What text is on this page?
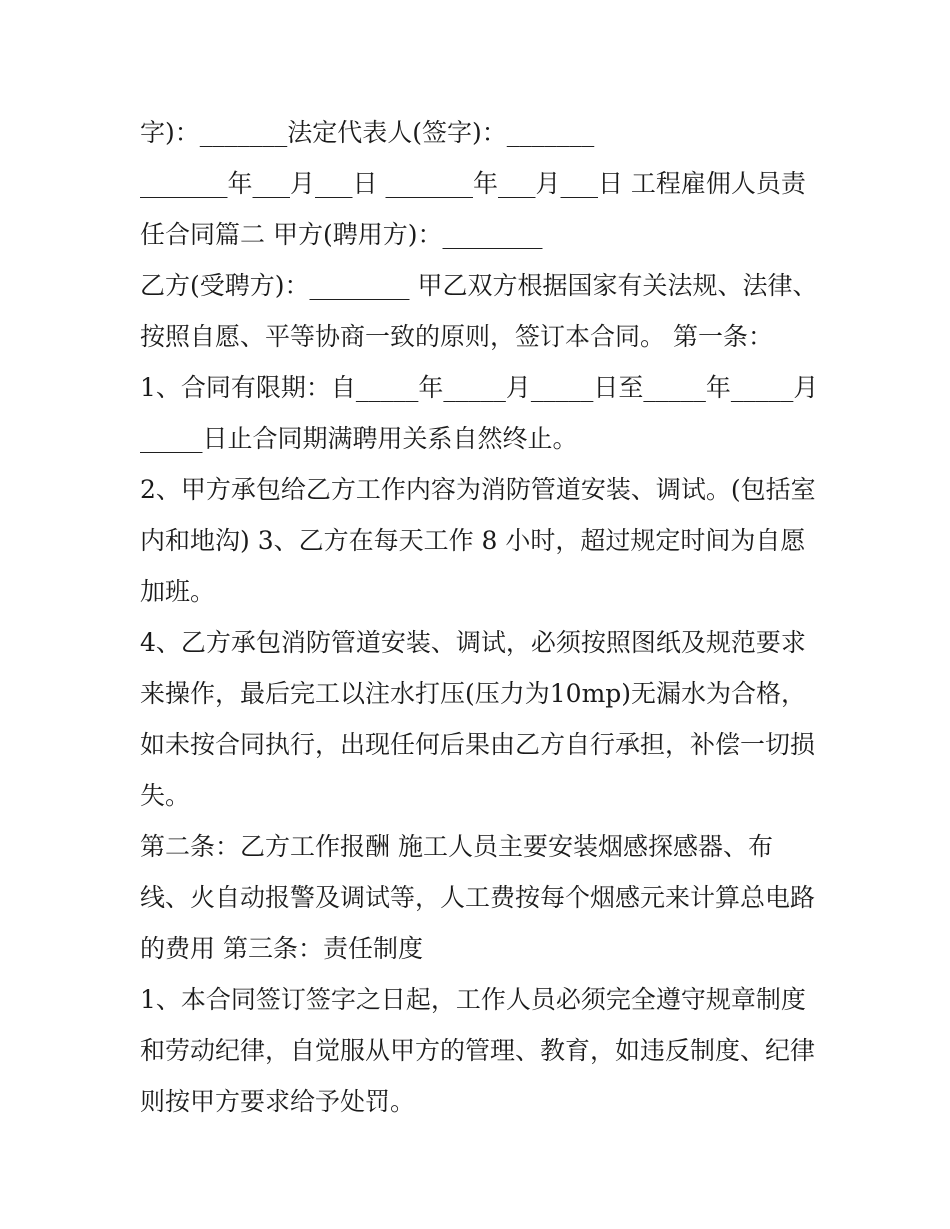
字)：_______法定代表人(签字)：_______

_______年___月___日 _______年___月___日 工程雇佣人员责任合同篇二 甲方(聘用方)：________

乙方(受聘方)：________ 甲乙双方根据国家有关法规、法律、按照自愿、平等协商一致的原则，签订本合同。 第一条：

1、合同有限期：自_____年_____月_____日至_____年_____月_____日止合同期满聘用关系自然终止。

2、甲方承包给乙方工作内容为消防管道安装、调试。(包括室内和地沟) 3、乙方在每天工作 8 小时，超过规定时间为自愿加班。

4、乙方承包消防管道安装、调试，必须按照图纸及规范要求来操作，最后完工以注水打压(压力为10mp)无漏水为合格，如未按合同执行，出现任何后果由乙方自行承担，补偿一切损失。

第二条：乙方工作报酬 施工人员主要安装烟感探感器、布线、火自动报警及调试等，人工费按每个烟感元来计算总电路的费用 第三条：责任制度

1、本合同签订签字之日起，工作人员必须完全遵守规章制度和劳动纪律，自觉服从甲方的管理、教育，如违反制度、纪律则按甲方要求给予处罚。
